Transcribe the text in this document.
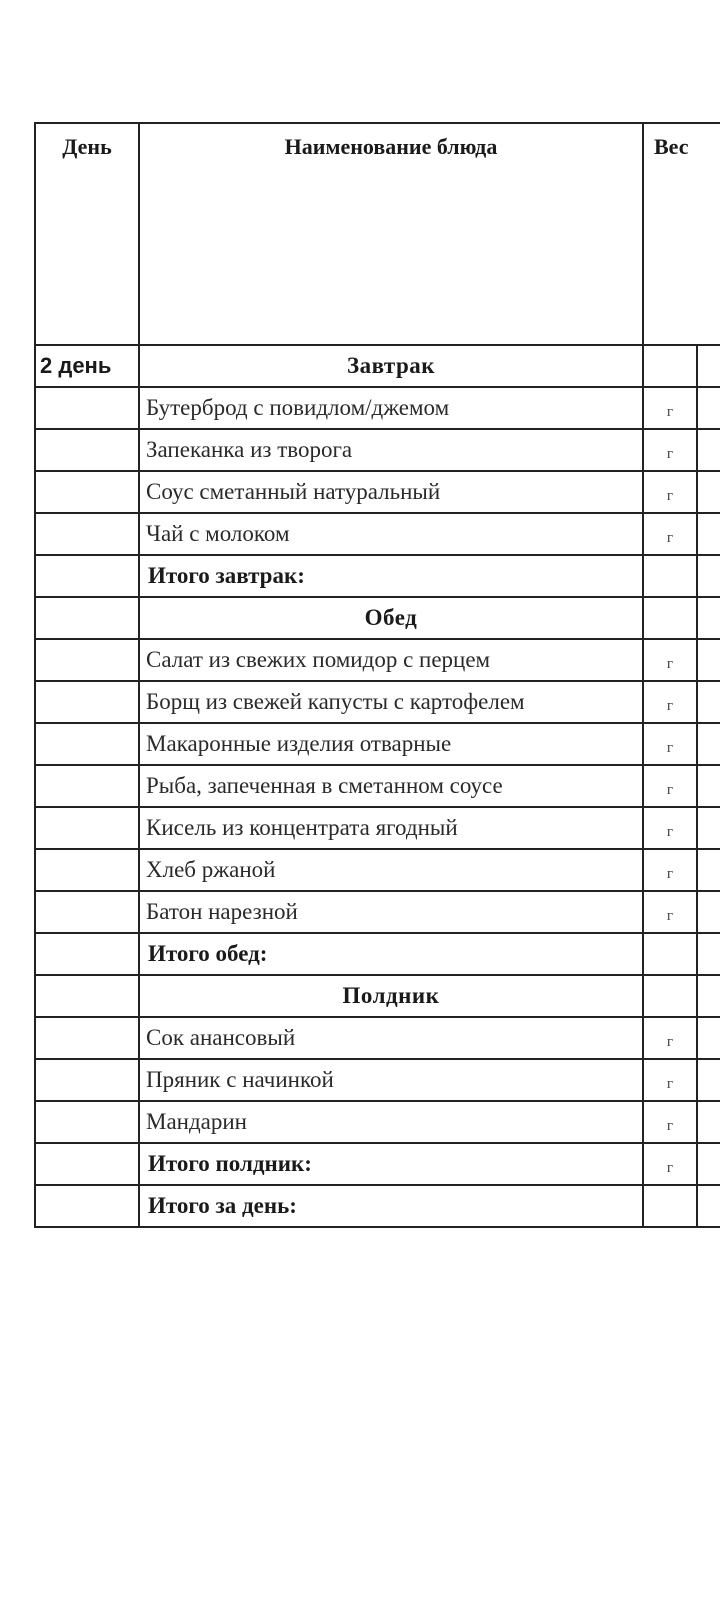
День	Наименование блюда	Вес	
2 день	Завтрак		
	Бутерброд с повидлом/джемом	г	
	Запеканка из творога	г	
	Соус сметанный натуральный	г	
	Чай с молоком	г	
	Итого завтрак:		
	Обед		
	Салат из свежих помидор с перцем	г	
	Борщ из свежей капусты с картофелем	г	
	Макаронные изделия отварные	г	
	Рыба, запеченная в сметанном соусе	г	
	Кисель из концентрата ягодный	г	
	Хлеб ржаной	г	
	Батон нарезной	г	
	Итого обед:		
	Полдник		
	Сок анансовый	г	
	Пряник с начинкой	г	
	Мандарин	г	
	Итого полдник:	г	
	Итого за день:		
